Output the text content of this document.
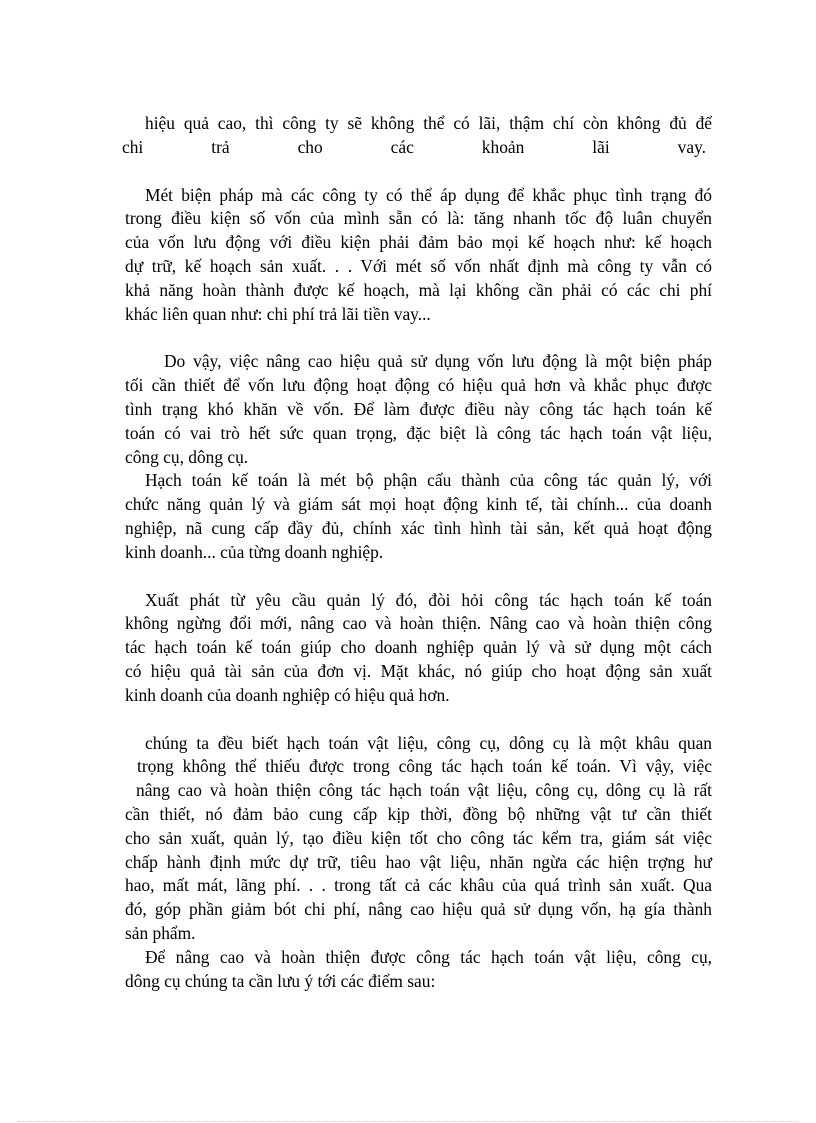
hiệu quả cao, thì công ty sẽ không thể có lãi, thậm chí còn không đủ để
chi trả cho các khoản lãi vay.
Mét biện pháp mà các công ty có thể áp dụng để khắc phục tình trạng đó
trong điều kiện số vốn của mình sẵn có là: tăng nhanh tốc độ luân chuyển
của vốn lưu động với điều kiện phải đảm bảo mọi kế hoạch như: kế hoạch
dự trữ, kế hoạch sản xuất. . . Với mét số vốn nhất định mà công ty vẫn có
khả năng hoàn thành được kế hoạch, mà lại không cần phải có các chi phí
khác liên quan như: chi phí trả lãi tiền vay...
Do vậy, việc nâng cao hiệu quả sử dụng vốn lưu động là một biện pháp
tối cần thiết để vốn lưu động hoạt động có hiệu quả hơn và khắc phục được
tình trạng khó khăn về vốn. Để làm được điều này công tác hạch toán kế
toán có vai trò hết sức quan trọng, đặc biệt là công tác hạch toán vật liệu,
công cụ, dông cụ.
Hạch toán kế toán là mét bộ phận cấu thành của công tác quản lý, với
chức năng quản lý và giám sát mọi hoạt động kinh tế, tài chính... của doanh
nghiệp, nã cung cấp đầy đủ, chính xác tình hình tài sản, kết quả hoạt động
kinh doanh... của từng doanh nghiệp.
Xuất phát từ yêu cầu quản lý đó, đòi hỏi công tác hạch toán kế toán
không ngừng đổi mới, nâng cao và hoàn thiện. Nâng cao và hoàn thiện công
tác hạch toán kế toán giúp cho doanh nghiệp quản lý và sử dụng một cách
có hiệu quả tài sản của đơn vị. Mặt khác, nó giúp cho hoạt động sản xuất
kinh doanh của doanh nghiệp có hiệu quả hơn.
chúng ta đều biết hạch toán vật liệu, công cụ, dông cụ là một khâu quan
trọng không thể thiếu được trong công tác hạch toán kế toán. Vì vậy, việc
nâng cao và hoàn thiện công tác hạch toán vật liệu, công cụ, dông cụ là rất
cần thiết, nó đảm bảo cung cấp kịp thời, đồng bộ những vật tư cần thiết
cho sản xuất, quản lý, tạo điều kiện tốt cho công tác kểm tra, giám sát việc
chấp hành định mức dự trữ, tiêu hao vật liệu, nhăn ngừa các hiện trợng hư
hao, mất mát, lãng phí. . . trong tất cả các khâu của quá trình sản xuất. Qua
đó, góp phần giảm bót chi phí, nâng cao hiệu quả sử dụng vốn, hạ gía thành
sản phẩm.
Để nâng cao và hoàn thiện được công tác hạch toán vật liệu, công cụ,
dông cụ chúng ta cần lưu ý tới các điểm sau:
